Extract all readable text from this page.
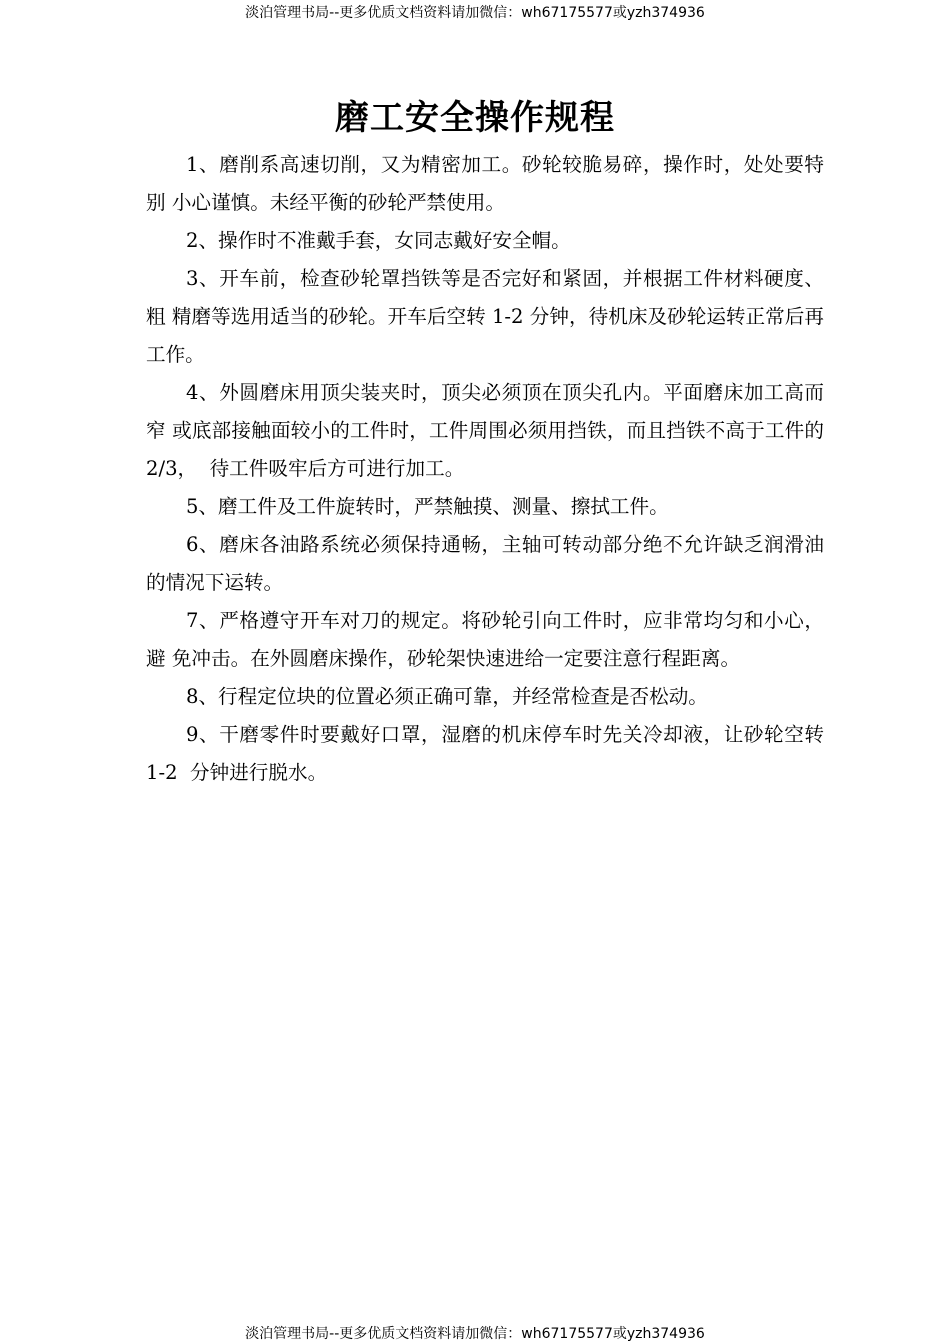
淡泊管理书局--更多优质文档资料请加微信：wh67175577或yzh374936
磨工安全操作规程

1、磨削系高速切削，又为精密加工。砂轮较脆易碎，操作时，处处要特别 小心谨慎。未经平衡的砂轮严禁使用。

2、操作时不准戴手套，女同志戴好安全帽。

3、开车前，检查砂轮罩挡铁等是否完好和紧固，并根据工件材料硬度、粗 精磨等选用适当的砂轮。开车后空转 1-2 分钟，待机床及砂轮运转正常后再工作。

4、外圆磨床用顶尖装夹时，顶尖必须顶在顶尖孔内。平面磨床加工高而窄 或底部接触面较小的工件时，工件周围必须用挡铁，而且挡铁不高于工件的 2/3，  待工件吸牢后方可进行加工。

5、磨工件及工件旋转时，严禁触摸、测量、擦拭工件。

6、磨床各油路系统必须保持通畅，主轴可转动部分绝不允许缺乏润滑油的情况下运转。

7、严格遵守开车对刀的规定。将砂轮引向工件时，应非常均匀和小心，避 免冲击。在外圆磨床操作，砂轮架快速进给一定要注意行程距离。

8、行程定位块的位置必须正确可靠，并经常检查是否松动。

9、干磨零件时要戴好口罩，湿磨的机床停车时先关冷却液，让砂轮空转 1-2  分钟进行脱水。

淡泊管理书局--更多优质文档资料请加微信：wh67175577或yzh374936
